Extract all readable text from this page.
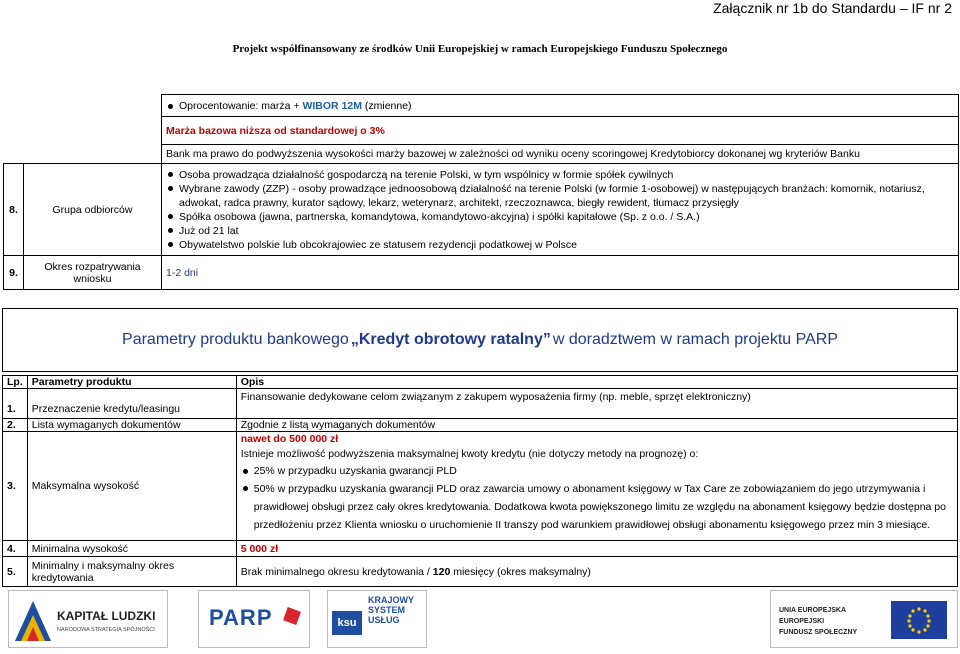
Załącznik nr 1b do Standardu – IF nr 2
Projekt współfinansowany ze środków Unii Europejskiej w ramach Europejskiego Funduszu Społecznego

		Oprocentowanie: marża + WIBOR 12M (zmienne)

		Marża bazowa niższa od standardowej o 3%
		Bank ma prawo do podwyższenia wysokości marży bazowej w zależności od wyniku oceny scoringowej Kredytobiorcy dokonanej wg kryteriów Banku
8.	Grupa odbiorców	Osoba prowadząca działalność gospodarczą na terenie Polski, w tym wspólnicy w formie spółek cywilnych
Wybrane zawody (ZZP) - osoby prowadzące jednoosobową działalność na terenie Polski (w formie 1-osobowej) w następujących branżach: komornik, notariusz, adwokat, radca prawny, kurator sądowy, lekarz, weterynarz, architekt, rzeczoznawca, biegły rewident, tłumacz przysięgły
Spółka osobowa (jawna, partnerska, komandytowa, komandytowo-akcyjna) i spółki kapitałowe (Sp. z o.o. / S.A.)
Już od 21 lat
Obywatelstwo polskie lub obcokrajowiec ze statusem rezydencji podatkowej w Polsce

9.	Okres rozpatrywania wniosku	1-2 dni
Parametry produktu bankowego „Kredyt obrotowy ratalny” w doradztwem w ramach projektu PARP
Lp.	Parametry produktu	Opis
1.	Przeznaczenie kredytu/leasingu	Finansowanie dedykowane celom związanym z zakupem wyposażenia firmy (np. meble, sprzęt elektroniczny)
2.	Lista wymaganych dokumentów	Zgodnie z listą wymaganych dokumentów
3.	Maksymalna wysokość	nawet do 500 000 zł
Istnieje możliwość podwyższenia maksymalnej kwoty kredytu (nie dotyczy metody na prognozę) o:
25% w przypadku uzyskania gwarancji PLD
50% w przypadku uzyskania gwarancji PLD oraz zawarcia umowy o abonament księgowy w Tax Care ze zobowiązaniem do jego utrzymywania i prawidłowej obsługi przez cały okres kredytowania. Dodatkowa kwota powiększonego limitu ze względu na abonament księgowy będzie dostępna po przedłożeniu przez Klienta wniosku o uruchomienie II transzy pod warunkiem prawidłowej obsługi abonamentu księgowego przez min 3 miesiące.

4.	Minimalna wysokość	5 000 zł
5.	Minimalny i maksymalny okres kredytowania	Brak minimalnego okresu kredytowania / 120 miesięcy (okres maksymalny)
KAPITAŁ LUDZKI
NARODOWA STRATEGIA SPÓJNOŚCI PARP	ksu
KRAJOWY
SYSTEM
USŁUG
UNIA EUROPEJSKA
EUROPEJSKI
FUNDUSZ SPOŁECZNY
